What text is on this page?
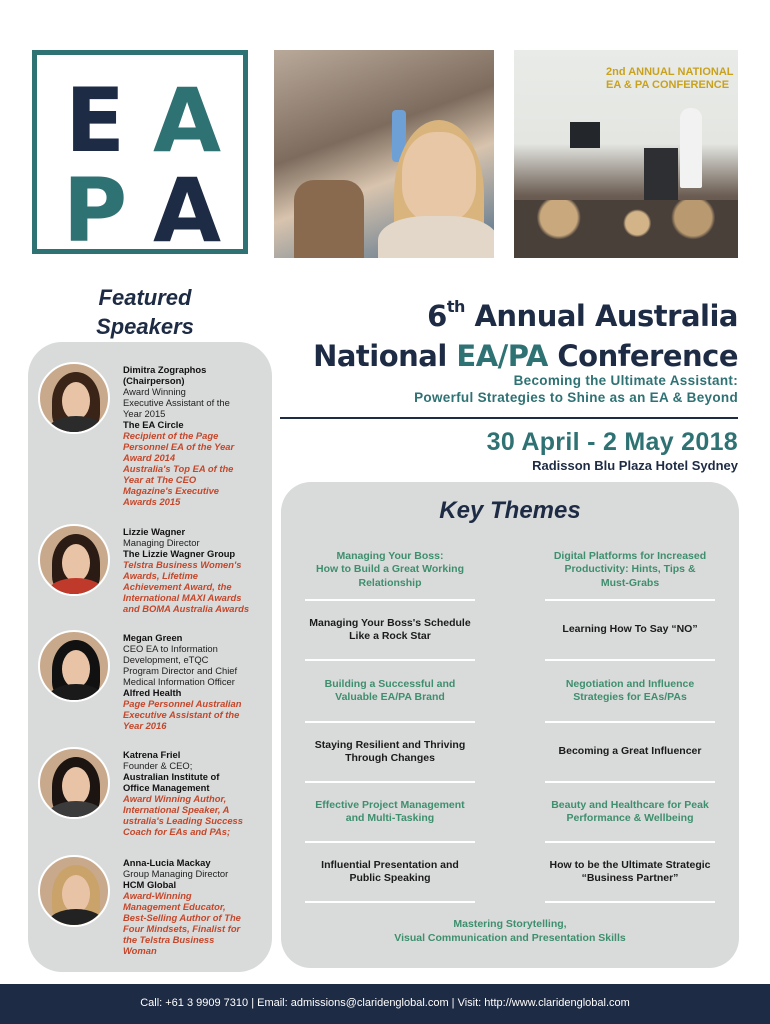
E A
P A
2nd ANNUAL NATIONAL
EA & PA CONFERENCE
Featured
Speakers
Dimitra Zographos
(Chairperson)
Award Winning
Executive Assistant of the
Year 2015
The EA Circle
Recipient of the Page
Personnel EA of the Year
Award 2014
Australia's Top EA of the
Year at The CEO
Magazine's Executive
Awards 2015
Lizzie Wagner
Managing Director
The Lizzie Wagner Group
Telstra Business Women's
Awards, Lifetime
Achievement Award, the
International MAXI Awards
and BOMA Australia Awards
Megan Green
CEO EA to Information
Development, eTQC
Program Director and Chief
Medical Information Officer
Alfred Health
Page Personnel Australian
Executive Assistant of the
Year 2016
Katrena Friel
Founder & CEO;
Australian Institute of Office Management
Award Winning Author,
International Speaker, A
ustralia's Leading Success
Coach for EAs and PAs;
Anna-Lucia Mackay
Group Managing Director
HCM Global
Award-Winning
Management Educator,
Best-Selling Author of The
Four Mindsets, Finalist for
the Telstra Business
Woman
6th Annual Australia
National EA/PA Conference
Becoming the Ultimate Assistant:
Powerful Strategies to Shine as an EA & Beyond
30 April - 2 May 2018
Radisson Blu Plaza Hotel Sydney
Key Themes
Managing Your Boss:
How to Build a Great Working
Relationship
Digital Platforms for Increased
Productivity: Hints, Tips &
Must-Grabs
Managing Your Boss's Schedule
Like a Rock Star
Learning How To Say “NO”
Building a Successful and
Valuable EA/PA Brand
Negotiation and Influence
Strategies for EAs/PAs
Staying Resilient and Thriving
Through Changes
Becoming a Great Influencer
Effective Project Management
and Multi-Tasking
Beauty and Healthcare for Peak
Performance & Wellbeing
Influential Presentation and
Public Speaking
How to be the Ultimate Strategic
“Business Partner”
Mastering Storytelling,
Visual Communication and Presentation Skills
Call: +61 3 9909 7310 | Email: admissions@claridenglobal.com | Visit: http://www.claridenglobal.com
